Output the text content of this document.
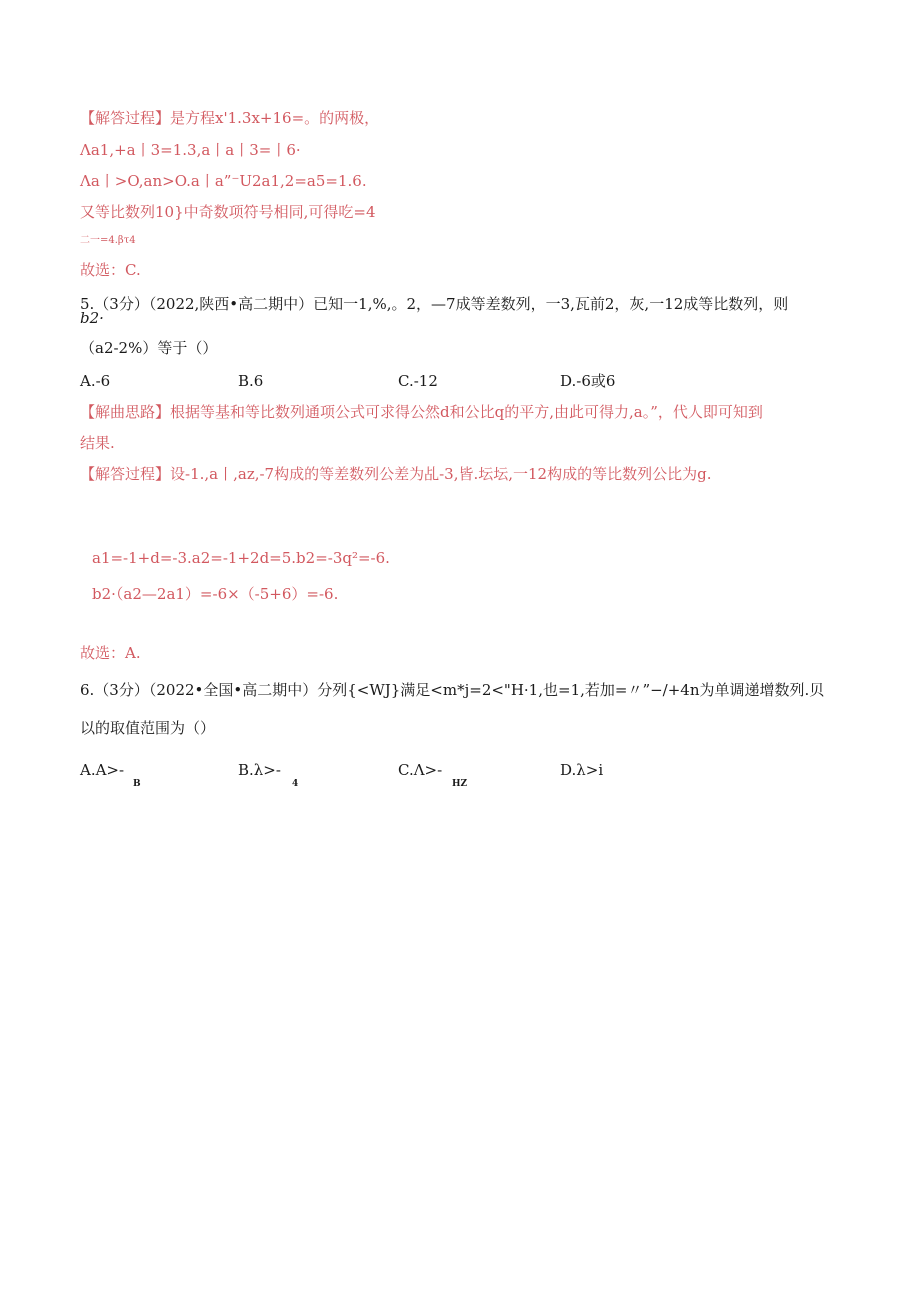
【解答过程】是方程x'1.3x+16=。的两极，
Λa1,+a丨3=1.3,a丨a丨3=丨6·
Λa丨>O,an>O.a丨a”⁻U2a1,2=a5=1.6.
又等比数列10}中奇数项符号相同,可得吃=4
二一=4.βτ4
故选：C.
5.（3分）（2022,陕西•高二期中）已知一1,%,。2，—7成等差数列，一3,瓦前2，灰,一12成等比数列，则
b2·
（a2-2%）等于（）
A.-6	B.6	C.-12	D.-6或6
【解曲思路】根据等基和等比数列通项公式可求得公然d和公比q的平方,由此可得力,a。”，代人即可知到
结果.
【解答过程】设-1.,a丨,az,-7构成的等差数列公差为乩-3,皆.坛坛,一12构成的等比数列公比为g.
a1=-1+d=-3.a2=-1+2d=5.b2=-3q²=-6.
b2·（a2—2a1）=-6×（-5+6）=-6.
故选：A.
6.（3分）（2022•全国•高二期中）分列{<WJ}满足<m*j=2<"H·1,也=1,若加=〃”−/+4n为单调递增数列.贝
以的取值范围为（）
A.A>-
B
B.λ>-
4
C.Λ>-
HZ
D.λ>i
